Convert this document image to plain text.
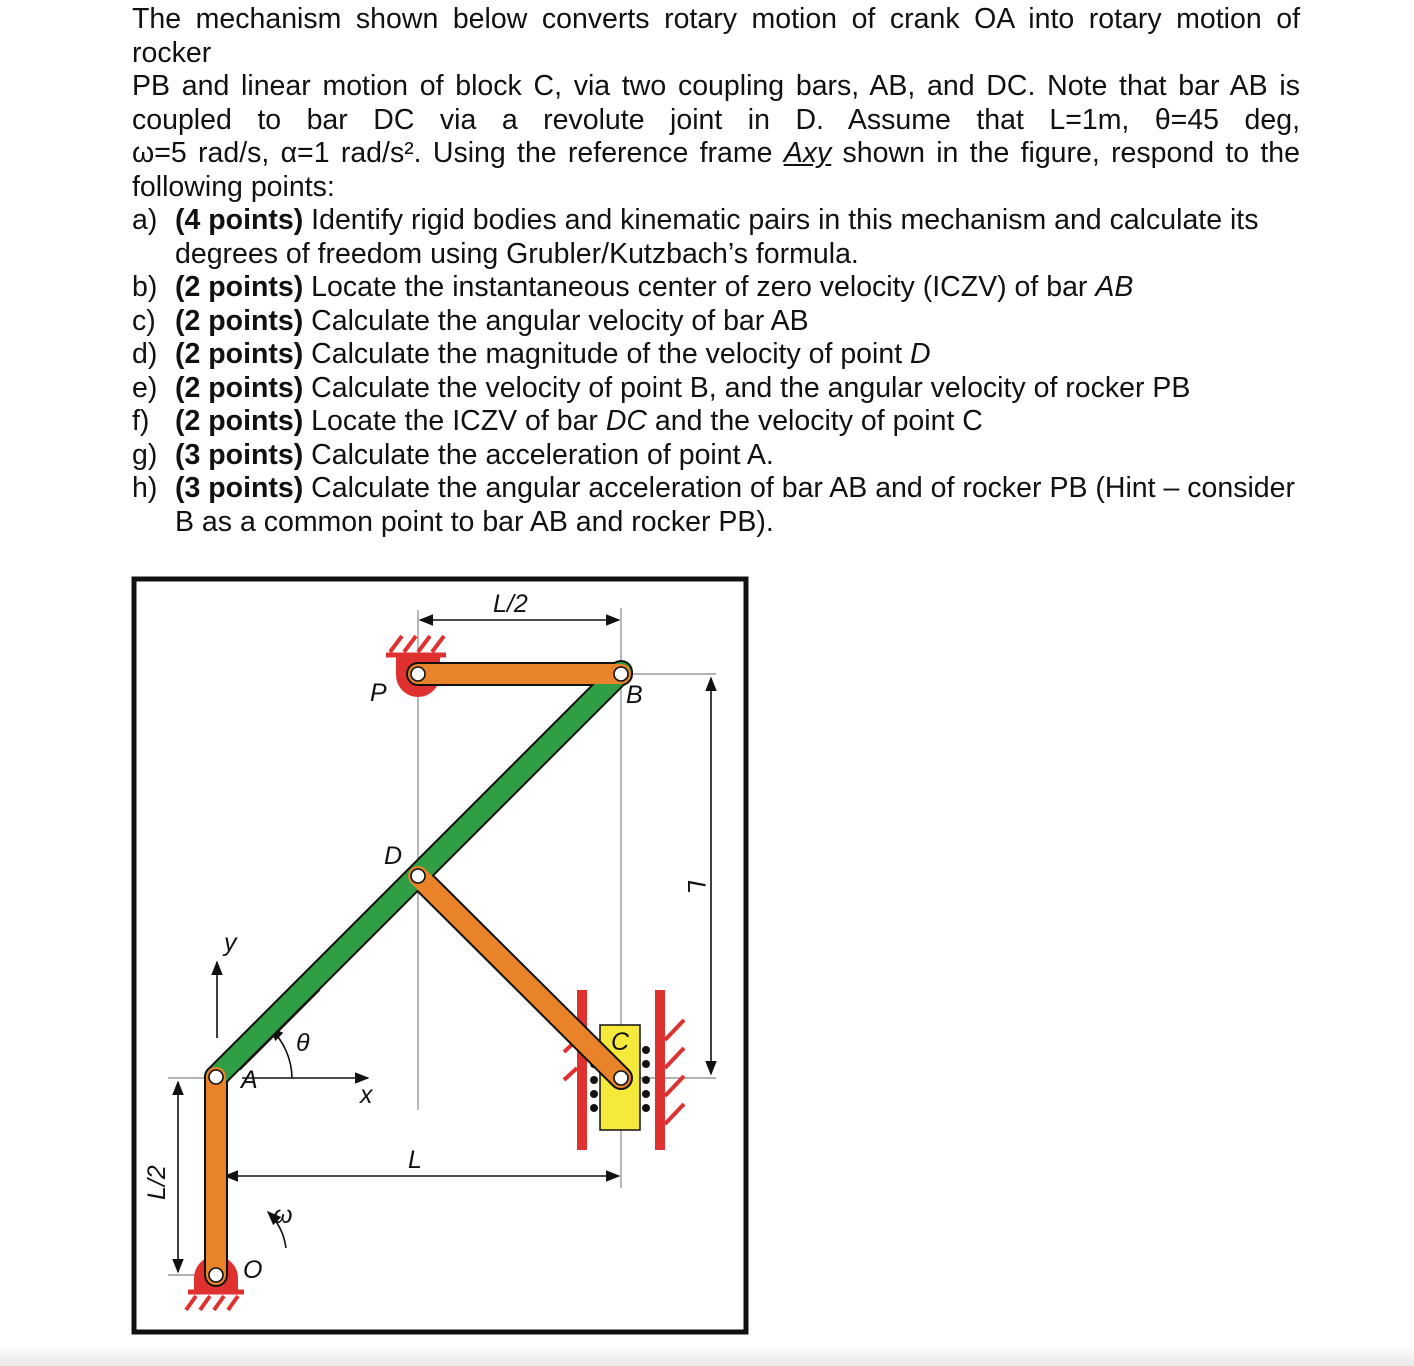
The mechanism shown below converts rotary motion of crank OA into rotary motion of rocker
PB and linear motion of block C, via two coupling bars, AB, and DC. Note that bar AB is
coupled to bar DC via a revolute joint in D. Assume that L=1m, θ=45 deg,
ω=5 rad/s, α=1 rad/s². Using the reference frame Axy shown in the figure, respond to the
following points:
a) (4 points) Identify rigid bodies and kinematic pairs in this mechanism and calculate its degrees of freedom using Grubler/Kutzbach’s formula.
b) (2 points) Locate the instantaneous center of zero velocity (ICZV) of bar AB
c) (2 points) Calculate the angular velocity of bar AB
d) (2 points) Calculate the magnitude of the velocity of point D
e) (2 points) Calculate the velocity of point B, and the angular velocity of rocker PB
f) (2 points) Locate the ICZV of bar DC and the velocity of point C
g) (3 points) Calculate the acceleration of point A.
h) (3 points) Calculate the angular acceleration of bar AB and of rocker PB (Hint – consider B as a common point to bar AB and rocker PB).
L/2
P	B
D
C
A
O
y
x
θ
ω
L
L
L/2
